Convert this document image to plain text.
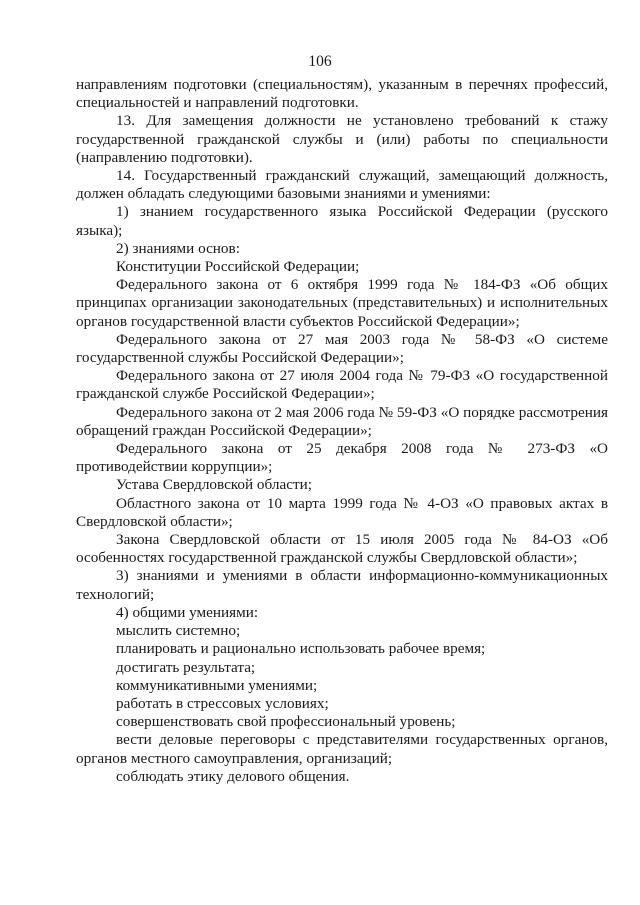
106

направлениям подготовки (специальностям), указанным в перечнях профессий, специальностей и направлений подготовки.

13. Для замещения должности не установлено требований к стажу государственной гражданской службы и (или) работы по специальности (направлению подготовки).

14. Государственный гражданский служащий, замещающий должность, должен обладать следующими базовыми знаниями и умениями:

1) знанием государственного языка Российской Федерации (русского языка);

2) знаниями основ:

Конституции Российской Федерации;

Федерального закона от 6 октября 1999 года № 184-ФЗ «Об общих принципах организации законодательных (представительных) и исполнительных органов государственной власти субъектов Российской Федерации»;

Федерального закона от 27 мая 2003 года № 58-ФЗ «О системе государственной службы Российской Федерации»;

Федерального закона от 27 июля 2004 года № 79-ФЗ «О государственной гражданской службе Российской Федерации»;

Федерального закона от 2 мая 2006 года № 59-ФЗ «О порядке рассмотрения обращений граждан Российской Федерации»;

Федерального закона от 25 декабря 2008 года № 273-ФЗ «О противодействии коррупции»;

Устава Свердловской области;

Областного закона от 10 марта 1999 года № 4-ОЗ «О правовых актах в Свердловской области»;

Закона Свердловской области от 15 июля 2005 года № 84-ОЗ «Об особенностях государственной гражданской службы Свердловской области»;

3) знаниями и умениями в области информационно-коммуникационных технологий;

4) общими умениями:

мыслить системно;

планировать и рационально использовать рабочее время;

достигать результата;

коммуникативными умениями;

работать в стрессовых условиях;

совершенствовать свой профессиональный уровень;

вести деловые переговоры с представителями государственных органов, органов местного самоуправления, организаций;

соблюдать этику делового общения.
